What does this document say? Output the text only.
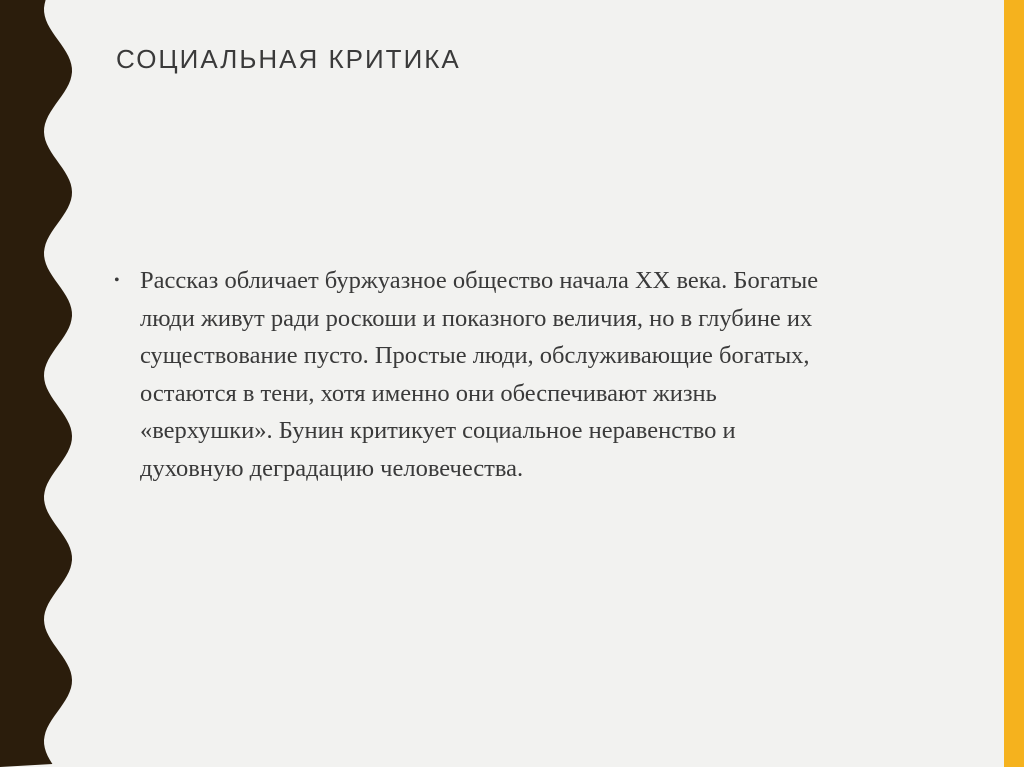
СОЦИАЛЬНАЯ КРИТИКА
• Рассказ обличает буржуазное общество начала XX века. Богатые
люди живут ради роскоши и показного величия, но в глубине их
существование пусто. Простые люди, обслуживающие богатых,
остаются в тени, хотя именно они обеспечивают жизнь
«верхушки». Бунин критикует социальное неравенство и
духовную деградацию человечества.
